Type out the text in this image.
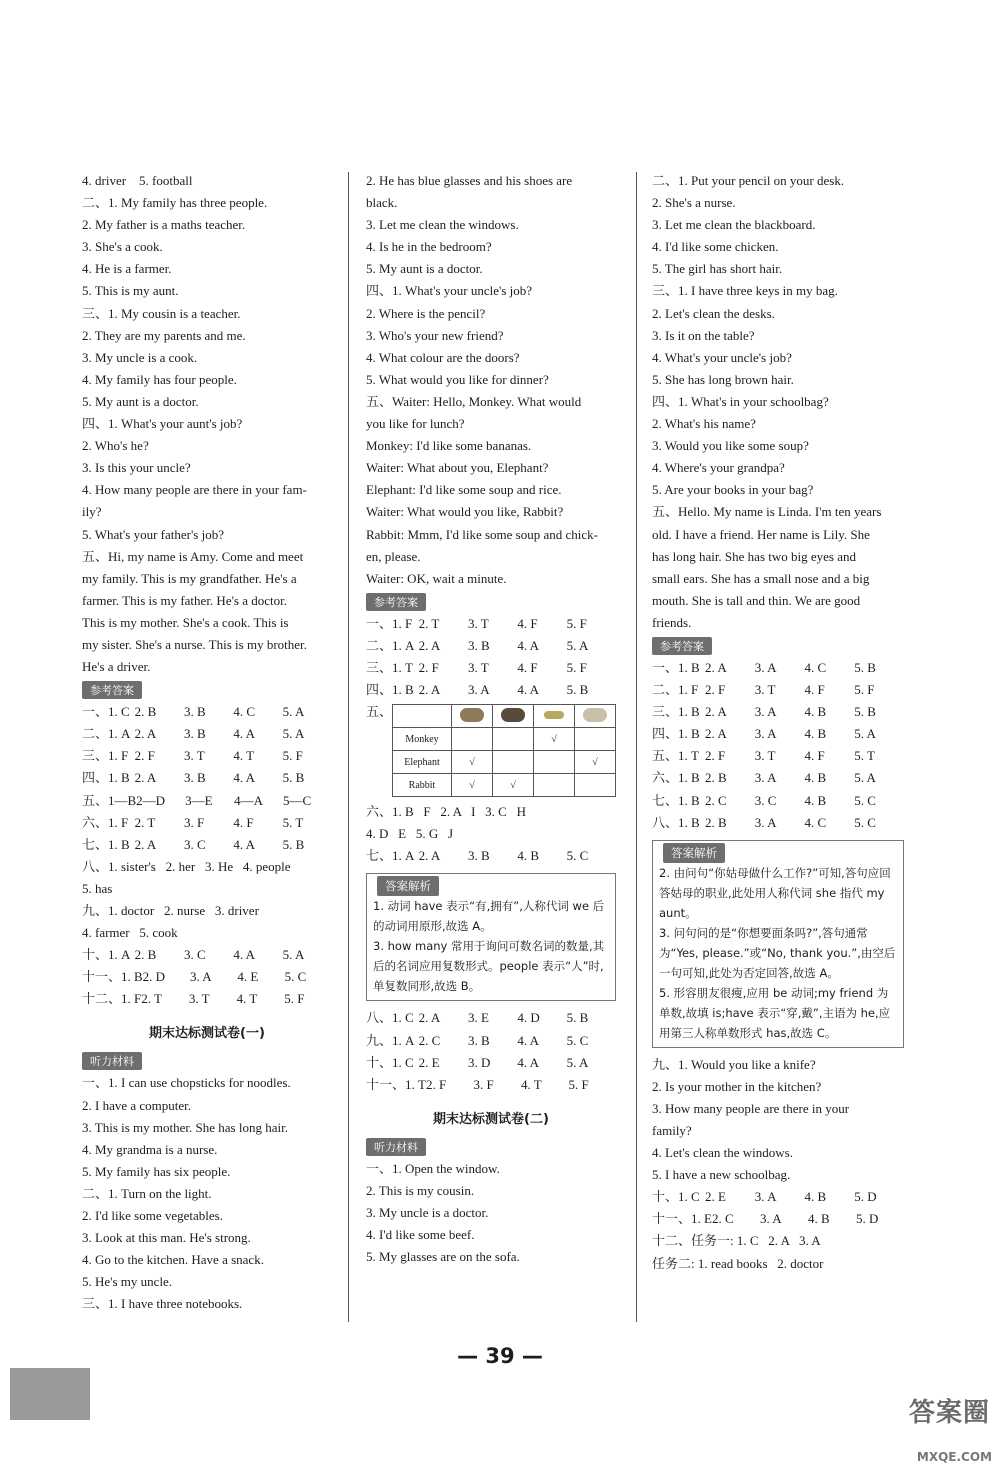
4. driver    5. football
二、1. My family has three people.
2. My father is a maths teacher.
3. She's a cook.
4. He is a farmer.
5. This is my aunt.
三、1. My cousin is a teacher.
2. They are my parents and me.
3. My uncle is a cook.
4. My family has four people.
5. My aunt is a doctor.
四、1. What's your aunt's job?
2. Who's he?
3. Is this your uncle?
4. How many people are there in your fam-
ily?
5. What's your father's job?
五、Hi, my name is Amy. Come and meet
my family. This is my grandfather. He's a
farmer. This is my father. He's a doctor.
This is my mother. She's a cook. This is
my sister. She's a nurse. This is my brother.
He's a driver.
参考答案
一、1. C 2. B	3. B	4. C	5. A
二、1. A 2. A	3. B	4. A	5. A
三、1. F 2. F	3. T	4. T	5. F
四、1. B 2. A	3. B	4. A	5. B
五、1—B 2—D	3—E	4—A	5—C
六、1. F 2. T	3. F	4. F	5. T
七、1. B 2. A	3. C	4. A	5. B
八、1. sister's   2. her   3. He   4. people
5. has
九、1. doctor   2. nurse   3. driver
4. farmer   5. cook
十、1. A 2. B	3. C	4. A	5. A
十一、1. B 2. D	3. A	4. E	5. C
十二、1. F 2. T	3. T	4. T	5. F
期末达标测试卷(一)
听力材料
一、1. I can use chopsticks for noodles.
2. I have a computer.
3. This is my mother. She has long hair.
4. My grandma is a nurse.
5. My family has six people.
二、1. Turn on the light.
2. I'd like some vegetables.
3. Look at this man. He's strong.
4. Go to the kitchen. Have a snack.
5. He's my uncle.
三、1. I have three notebooks.
2. He has blue glasses and his shoes are
black.
3. Let me clean the windows.
4. Is he in the bedroom?
5. My aunt is a doctor.
四、1. What's your uncle's job?
2. Where is the pencil?
3. Who's your new friend?
4. What colour are the doors?
5. What would you like for dinner?
五、Waiter: Hello, Monkey. What would
you like for lunch?
Monkey: I'd like some bananas.
Waiter: What about you, Elephant?
Elephant: I'd like some soup and rice.
Waiter: What would you like, Rabbit?
Rabbit: Mmm, I'd like some soup and chick-
en, please.
Waiter: OK, wait a minute.
参考答案
一、1. F 2. T	3. T	4. F	5. F
二、1. A 2. A	3. B	4. A	5. A
三、1. T 2. F	3. T	4. F	5. F
四、1. B 2. A	3. A	4. A	5. B
五、

Monkey			√	
Elephant	√			√
Rabbit	√	√		
六、1. B   F   2. A   I   3. C   H
4. D   E   5. G   J
七、1. A 2. A	3. B	4. B	5. C
答案解析

1. 动词 have 表示“有,拥有”,人称代词 we 后的动词用原形,故选 A。

3. how many 常用于询问可数名词的数量,其后的名词应用复数形式。people 表示“人”时,单复数同形,故选 B。

八、1. C 2. A	3. E	4. D	5. B
九、1. A 2. C	3. B	4. A	5. C
十、1. C 2. E	3. D	4. A	5. A
十一、1. T 2. F	3. F	4. T	5. F
期末达标测试卷(二)
听力材料
一、1. Open the window.
2. This is my cousin.
3. My uncle is a doctor.
4. I'd like some beef.
5. My glasses are on the sofa.
二、1. Put your pencil on your desk.
2. She's a nurse.
3. Let me clean the blackboard.
4. I'd like some chicken.
5. The girl has short hair.
三、1. I have three keys in my bag.
2. Let's clean the desks.
3. Is it on the table?
4. What's your uncle's job?
5. She has long brown hair.
四、1. What's in your schoolbag?
2. What's his name?
3. Would you like some soup?
4. Where's your grandpa?
5. Are your books in your bag?
五、Hello. My name is Linda. I'm ten years
old. I have a friend. Her name is Lily. She
has long hair. She has two big eyes and
small ears. She has a small nose and a big
mouth. She is tall and thin. We are good
friends.
参考答案
一、1. B 2. A	3. A	4. C	5. B
二、1. F 2. F	3. T	4. F	5. F
三、1. B 2. A	3. A	4. B	5. B
四、1. B 2. A	3. A	4. B	5. A
五、1. T 2. F	3. T	4. F	5. T
六、1. B 2. B	3. A	4. B	5. A
七、1. B 2. C	3. C	4. B	5. C
八、1. B 2. B	3. A	4. C	5. C
答案解析

2. 由问句“你姑母做什么工作?”可知,答句应回答姑母的职业,此处用人称代词 she 指代 my aunt。

3. 问句问的是“你想要面条吗?”,答句通常为“Yes, please.”或“No, thank you.”,由空后一句可知,此处为否定回答,故选 A。

5. 形容朋友很瘦,应用 be 动词;my friend 为单数,故填 is;have 表示“穿,戴”,主语为 he,应用第三人称单数形式 has,故选 C。

九、1. Would you like a knife?
2. Is your mother in the kitchen?
3. How many people are there in your
family?
4. Let's clean the windows.
5. I have a new schoolbag.
十、1. C 2. E	3. A	4. B	5. D
十一、1. E 2. C	3. A	4. B	5. D
十二、任务一: 1. C   2. A   3. A
任务二: 1. read books   2. doctor
— 39 —
答案圈
MXQE.COM
